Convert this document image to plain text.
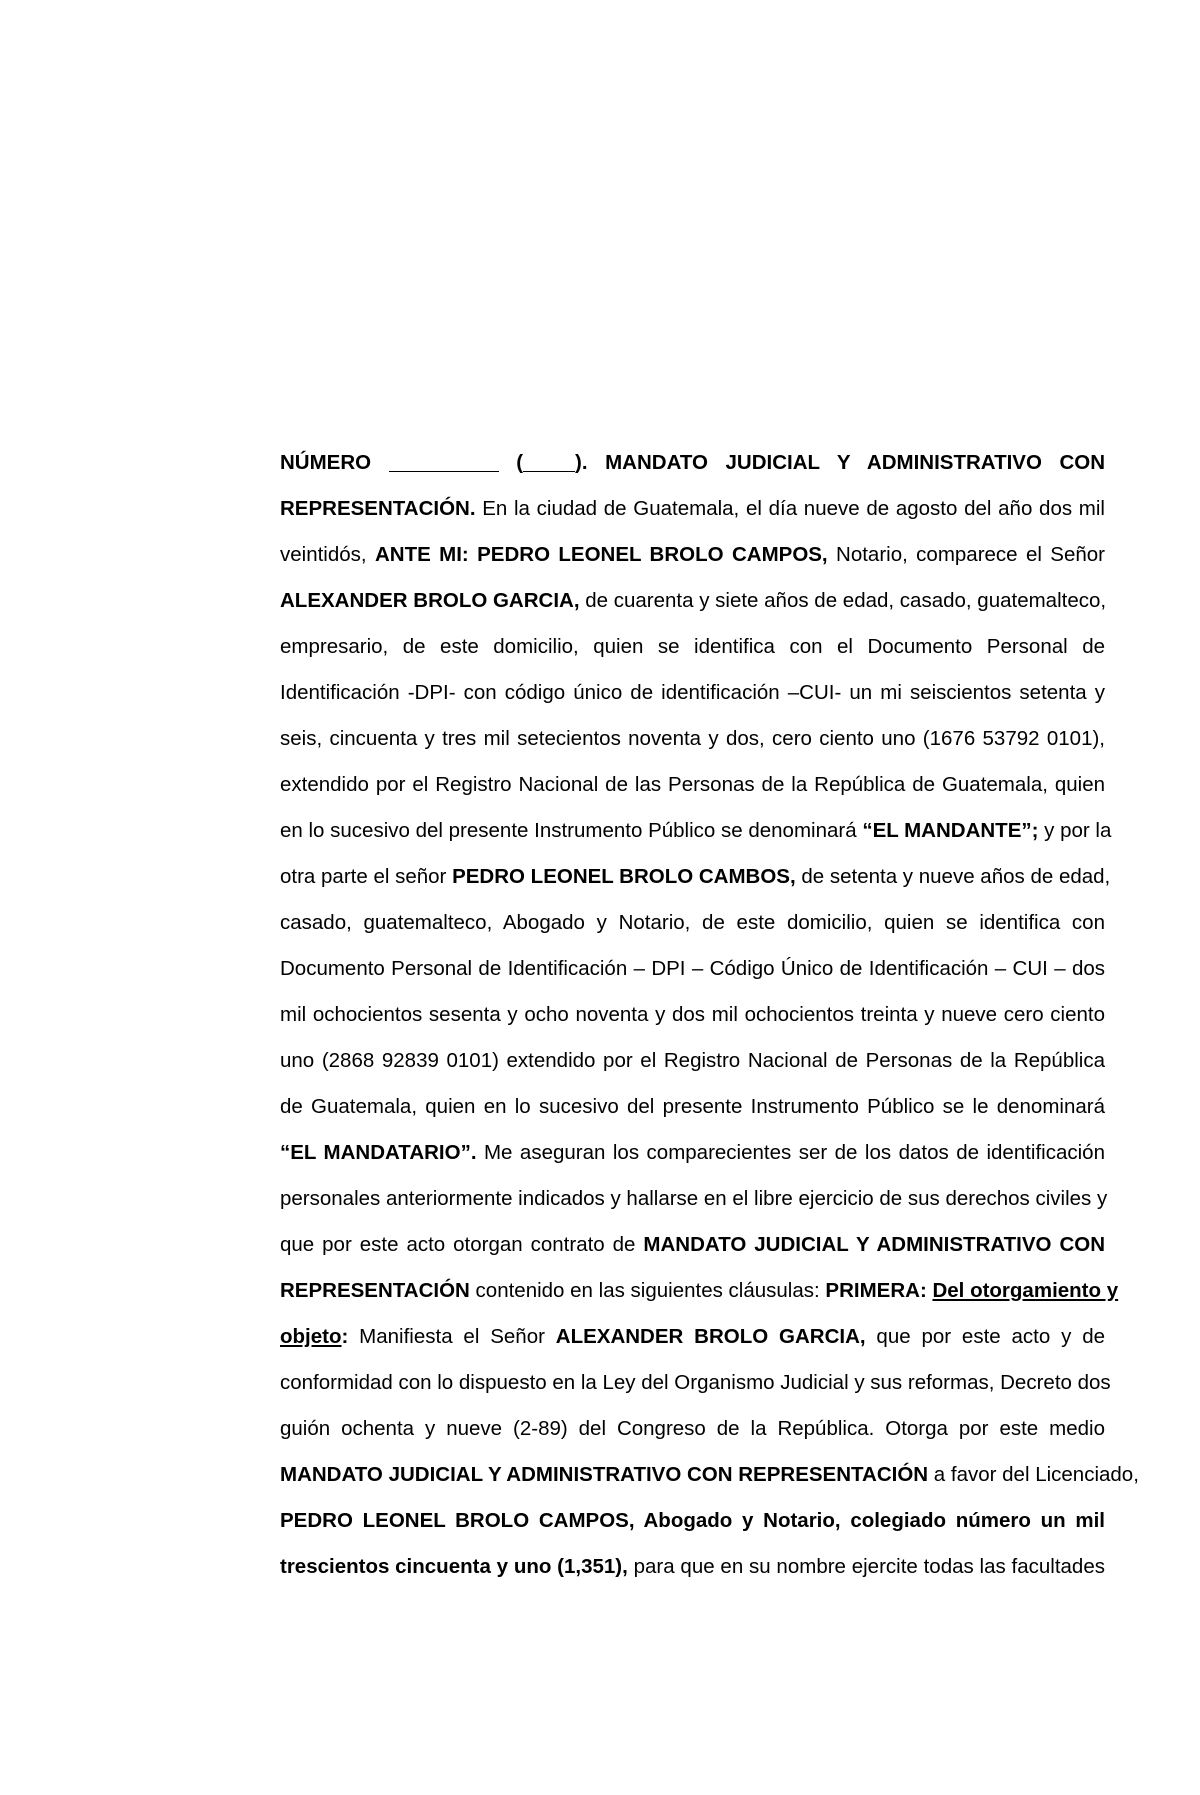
NÚMERO	(	). MANDATO JUDICIAL Y ADMINISTRATIVO CON
REPRESENTACIÓN. En la ciudad de Guatemala, el día nueve de agosto del año dos mil
veintidós, ANTE MI: PEDRO LEONEL BROLO CAMPOS, Notario, comparece el Señor
ALEXANDER BROLO GARCIA, de cuarenta y siete años de edad, casado, guatemalteco,
empresario, de este domicilio, quien se identifica con el Documento Personal de
Identificación -DPI- con código único de identificación –CUI- un mi seiscientos setenta y
seis, cincuenta y tres mil setecientos noventa y dos, cero ciento uno (1676 53792 0101),
extendido por el Registro Nacional de las Personas de la República de Guatemala, quien
en lo sucesivo del presente Instrumento Público se denominará “EL MANDANTE”; y por la
otra parte el señor PEDRO LEONEL BROLO CAMBOS, de setenta y nueve años de edad,
casado, guatemalteco, Abogado y Notario, de este domicilio, quien se identifica con
Documento Personal de Identificación – DPI – Código Único de Identificación – CUI – dos
mil ochocientos sesenta y ocho noventa y dos mil ochocientos treinta y nueve cero ciento
uno (2868 92839 0101) extendido por el Registro Nacional de Personas de la República
de Guatemala, quien en lo sucesivo del presente Instrumento Público se le denominará
“EL MANDATARIO”. Me aseguran los comparecientes ser de los datos de identificación
personales anteriormente indicados y hallarse en el libre ejercicio de sus derechos civiles y
que por este acto otorgan contrato de MANDATO JUDICIAL Y ADMINISTRATIVO CON
REPRESENTACIÓN contenido en las siguientes cláusulas: PRIMERA: Del otorgamiento y
objeto: Manifiesta el Señor ALEXANDER BROLO GARCIA, que por este acto y de
conformidad con lo dispuesto en la Ley del Organismo Judicial y sus reformas, Decreto dos
guión ochenta y nueve (2-89) del Congreso de la República. Otorga por este medio
MANDATO JUDICIAL Y ADMINISTRATIVO CON REPRESENTACIÓN a favor del Licenciado,
PEDRO LEONEL BROLO CAMPOS, Abogado y Notario, colegiado número un mil
trescientos cincuenta y uno (1,351), para que en su nombre ejercite todas las facultades
